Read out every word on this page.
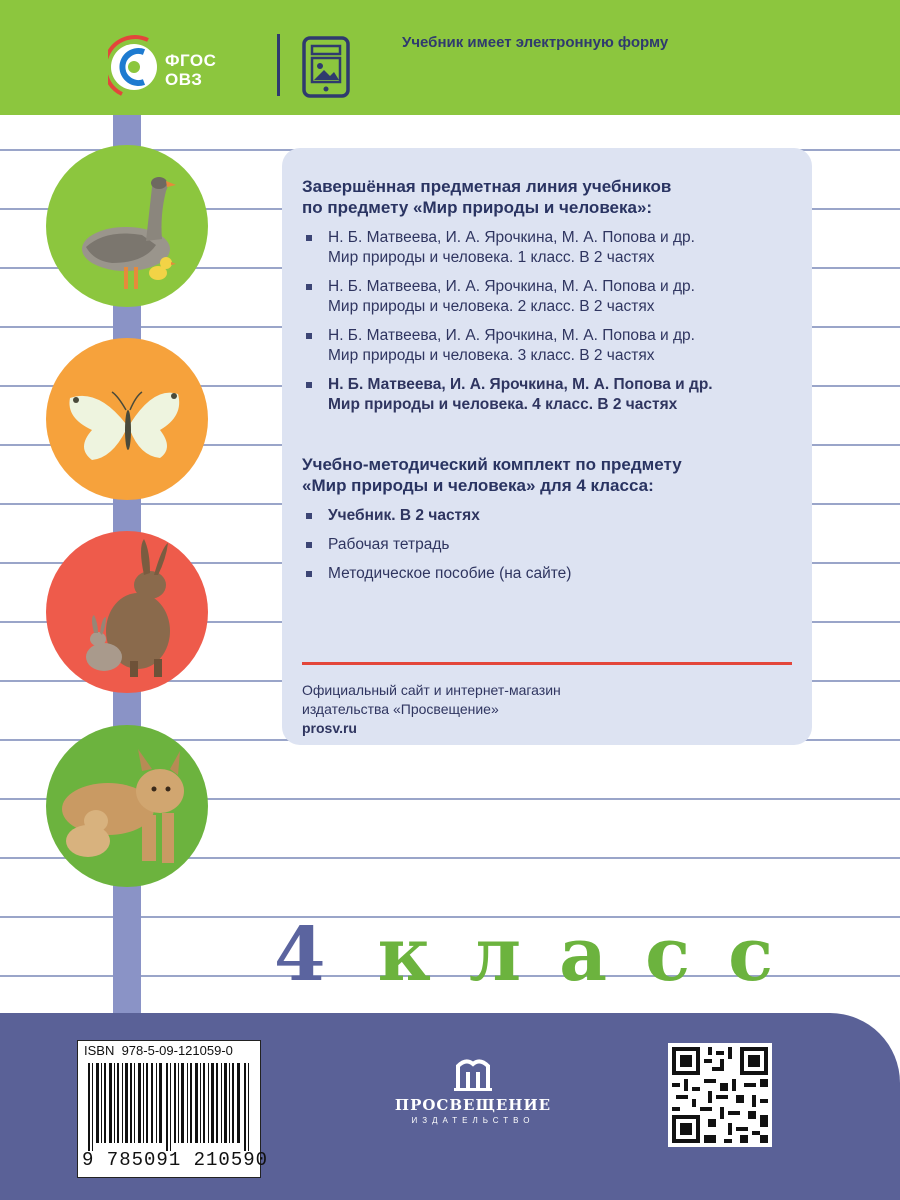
ФГОС
ОВЗ
Учебник имеет электронную форму
Завершённая предметная линия учебников
по предмету «Мир природы и человека»:
Н. Б. Матвеева, И. А. Ярочкина, М. А. Попова и др.
Мир природы и человека. 1 класс. В 2 частях
Н. Б. Матвеева, И. А. Ярочкина, М. А. Попова и др.
Мир природы и человека. 2 класс. В 2 частях
Н. Б. Матвеева, И. А. Ярочкина, М. А. Попова и др.
Мир природы и человека. 3 класс. В 2 частях
Н. Б. Матвеева, И. А. Ярочкина, М. А. Попова и др.
Мир природы и человека. 4 класс. В 2 частях
Учебно-методический комплект по предмету
«Мир природы и человека» для 4 класса:
Учебник. В 2 частях
Рабочая тетрадь
Методическое пособие (на сайте)
Официальный сайт и интернет-магазин
издательства «Просвещение»
prosv.ru
4 класс
ISBN 978-5-09-121059-0
9 785091 210590
ПРОСВЕЩЕНИЕ
ИЗДАТЕЛЬСТВО
